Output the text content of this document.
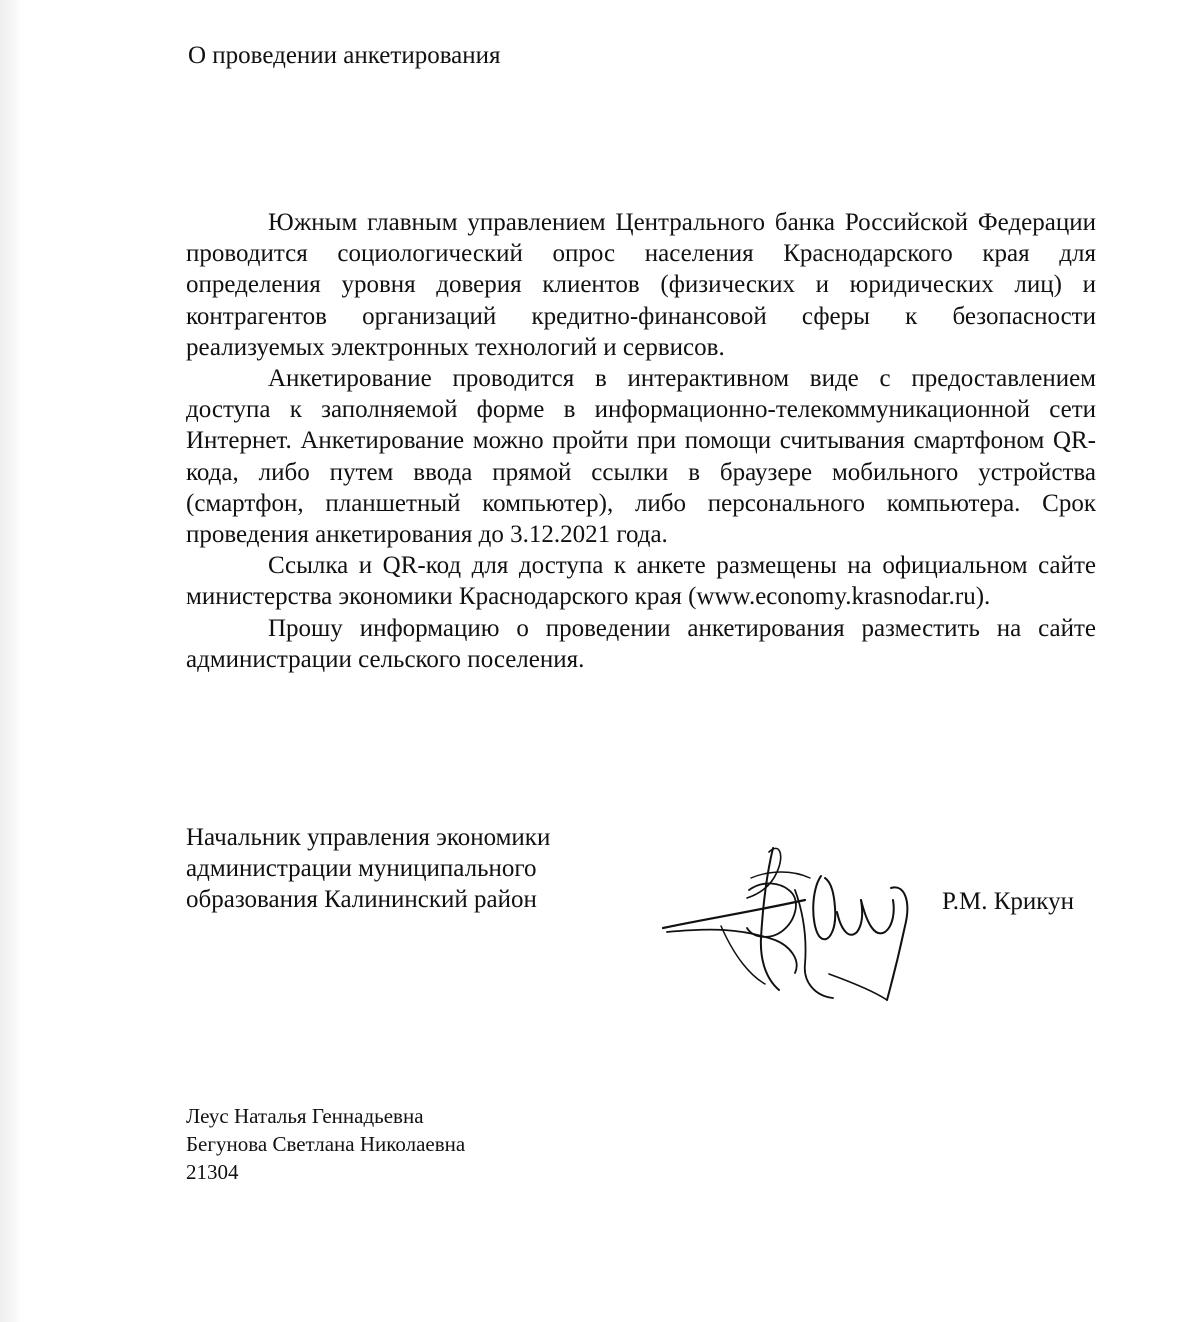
О проведении анкетирования

Южным главным управлением Центрального банка Российской Федерации проводится социологический опрос населения Краснодарского края для определения уровня доверия клиентов (физических и юридических лиц) и контрагентов организаций кредитно-финансовой сферы к безопасности реализуемых электронных технологий и сервисов.

Анкетирование проводится в интерактивном виде с предоставлением доступа к заполняемой форме в информационно-телекоммуникационной сети Интернет. Анкетирование можно пройти при помощи считывания смартфоном QR-кода, либо путем ввода прямой ссылки в браузере мобильного устройства (смартфон, планшетный компьютер), либо персонального компьютера. Срок проведения анкетирования до 3.12.2021 года.

Ссылка и QR-код для доступа к анкете размещены на официальном сайте министерства экономики Краснодарского края (www.economy.krasnodar.ru).

Прошу информацию о проведении анкетирования разместить на сайте администрации сельского поселения.

Начальник управления экономики
администрации муниципального
образования Калининский район	Р.М. Крикун

Леус Наталья Геннадьевна
Бегунова Светлана Николаевна
21304
